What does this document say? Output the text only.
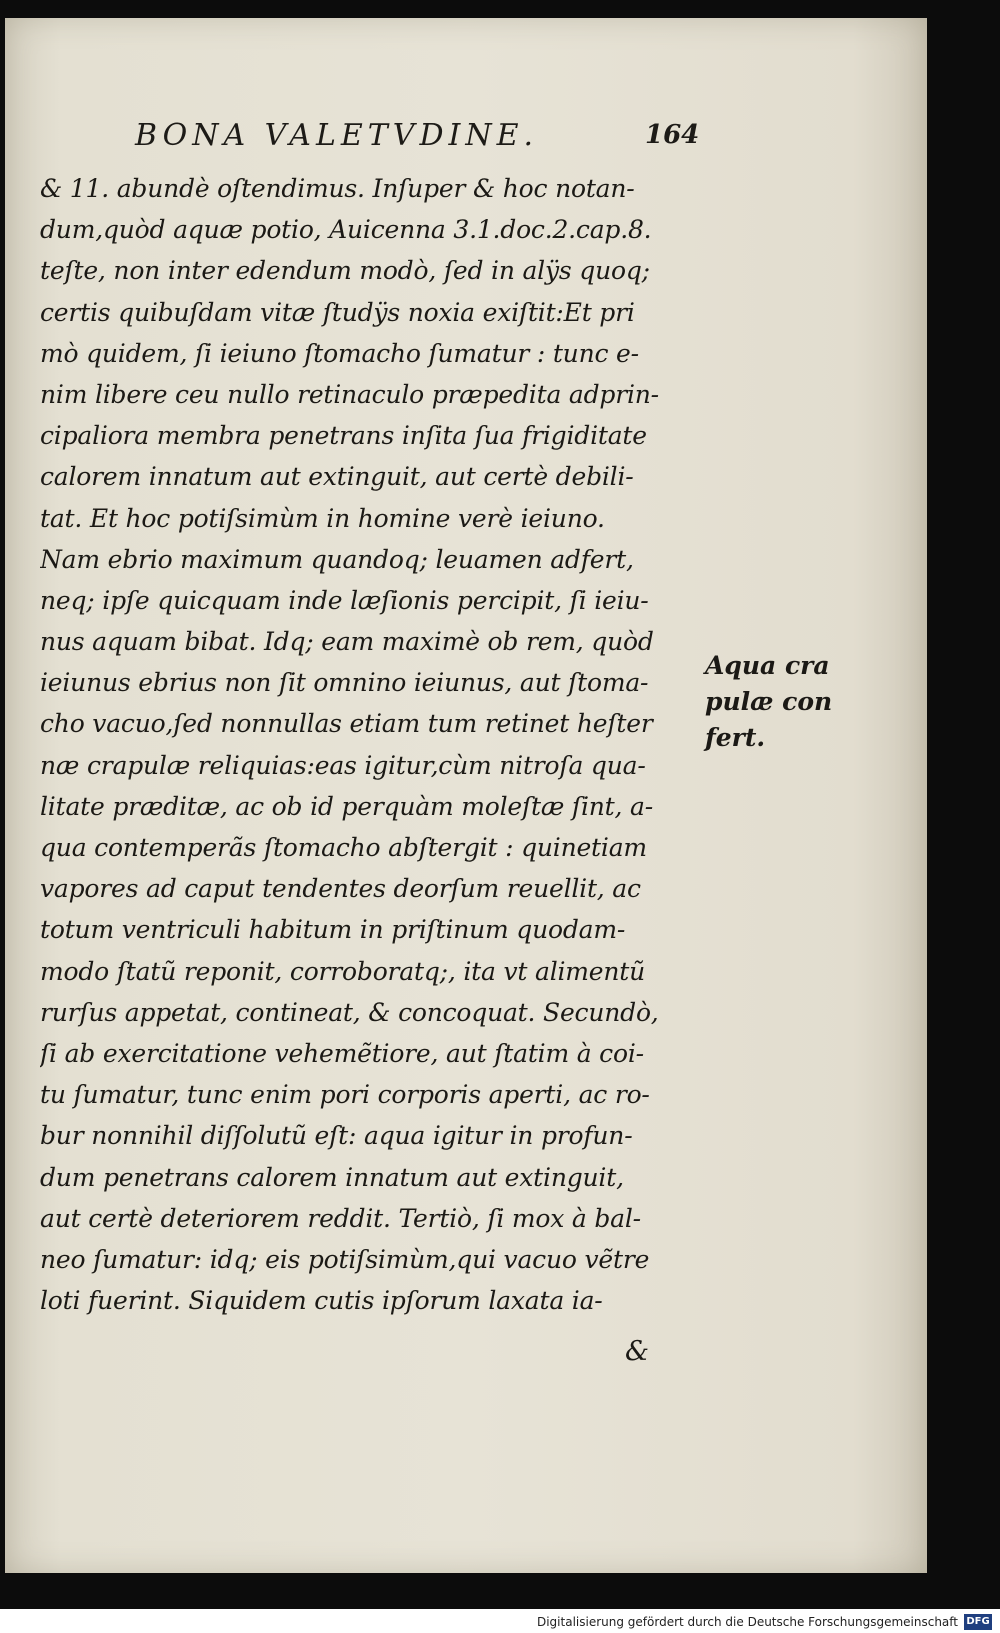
BONA VALETVDINE.	164
& 11. abundè oſtendimus. Inſuper & hoc notan-
dum,quòd aquæ potio, Auicenna 3.1.doc.2.cap.8.
teſte, non inter edendum modò, ſed in alÿs quoq;
certis quibuſdam vitæ ſtudÿs noxia exiſtit:Et pri
mò quidem, ſi ieiuno ſtomacho ſumatur : tunc e-
nim libere ceu nullo retinaculo præpedita adprin-
cipaliora membra penetrans inſita ſua frigiditate
calorem innatum aut extinguit, aut certè debili-
tat. Et hoc potiſsimùm in homine verè ieiuno.
Nam ebrio maximum quandoq; leuamen adfert,
neq; ipſe quicquam inde læſionis percipit, ſi ieiu-
nus aquam bibat. Idq; eam maximè ob rem, quòd
ieiunus ebrius non ſit omnino ieiunus, aut ſtoma-
cho vacuo,ſed nonnullas etiam tum retinet heſter
næ crapulæ reliquias:eas igitur,cùm nitroſa qua-
litate præditæ, ac ob id perquàm moleſtæ ſint, a-
qua contemperãs ſtomacho abſtergit : quinetiam
vapores ad caput tendentes deorſum reuellit, ac
totum ventriculi habitum in priſtinum quodam-
modo ſtatũ reponit, corroboratq;, ita vt alimentũ
rurſus appetat, contineat, & concoquat. Secundò,
ſi ab exercitatione vehemẽtiore, aut ſtatim à coi-
tu ſumatur, tunc enim pori corporis aperti, ac ro-
bur nonnihil diſſolutũ eſt: aqua igitur in profun-
dum penetrans calorem innatum aut extinguit,
aut certè deteriorem reddit. Tertiò, ſi mox à bal-
neo ſumatur: idq; eis potiſsimùm,qui vacuo vẽtre
loti fuerint. Siquidem cutis ipſorum laxata ia-
Aqua cra
pulæ con
fert.
&
Digitalisierung gefördert durch die Deutsche Forschungsgemeinschaft DFG
